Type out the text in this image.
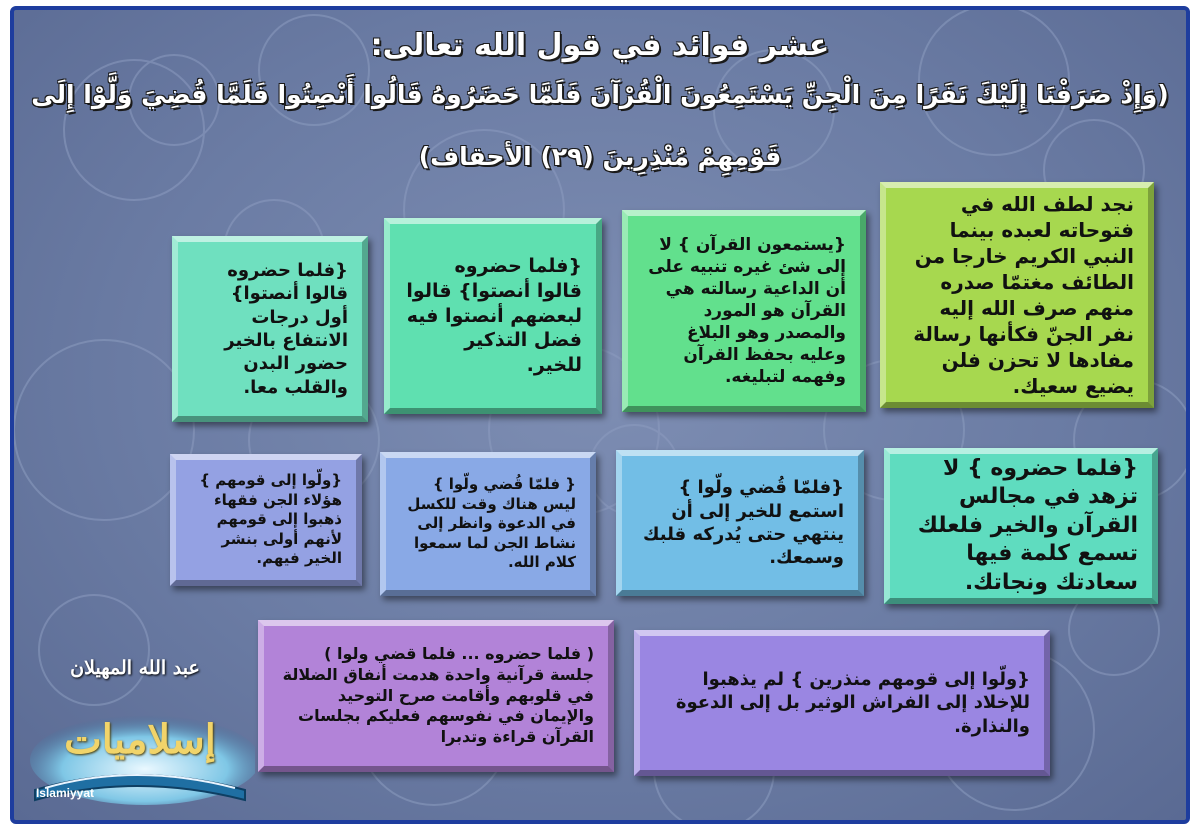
عشر فوائد في قول الله تعالى:
(وَإِذْ صَرَفْنَا إِلَيْكَ نَفَرًا مِنَ الْجِنِّ يَسْتَمِعُونَ الْقُرْآنَ فَلَمَّا حَضَرُوهُ قَالُوا أَنْصِتُوا فَلَمَّا قُضِيَ وَلَّوْا إِلَى
قَوْمِهِمْ مُنْذِرِينَ (٢٩) الأحقاف)
نجد لطف الله في فتوحاته لعبده بينما النبي الكريم خارجا من الطائف مغتمّا صدره منهم صرف الله إليه نفر الجنّ فكأنها رسالة مفادها لا تحزن فلن يضيع سعيك.
{يستمعون القرآن } لا إلى شئ غيره تنبيه على أن الداعية رسالته هي القرآن هو المورد والمصدر وهو البلاغ وعليه بحفظ القرآن وفهمه لتبليغه.
{فلما حضروه قالوا أنصتوا} قالوا لبعضهم أنصتوا فيه فضل التذكير للخير.
{فلما حضروه قالوا أنصتوا} أول درجات الانتفاع بالخير حضور البدن والقلب معا.
{فلما حضروه } لا تزهد في مجالس القرآن والخير فلعلك تسمع كلمة فيها سعادتك ونجاتك.
{فلمّا قُضي ولّوا } استمع للخير إلى أن ينتهي حتى يُدركه قلبك وسمعك.
{ فلمّا قُضي ولّوا } ليس هناك وقت للكسل في الدعوة وانظر إلى نشاط الجن لما سمعوا كلام الله.
{ولّوا إلى قومهم } هؤلاء الجن فقهاء ذهبوا إلى قومهم لأنهم أولى بنشر الخير فيهم.
{ولّوا إلى قومهم منذرين } لم يذهبوا للإخلاد إلى الفراش الوثير بل إلى الدعوة والنذارة.
( فلما حضروه ... فلما قضي ولوا ) جلسة قرآنية واحدة هدمت أنفاق الضلالة في قلوبهم وأقامت صرح التوحيد والإيمان في نفوسهم فعليكم بجلسات القرآن قراءة وتدبرا
عبد الله المهيلان
إسلاميات
Islamiyyat
